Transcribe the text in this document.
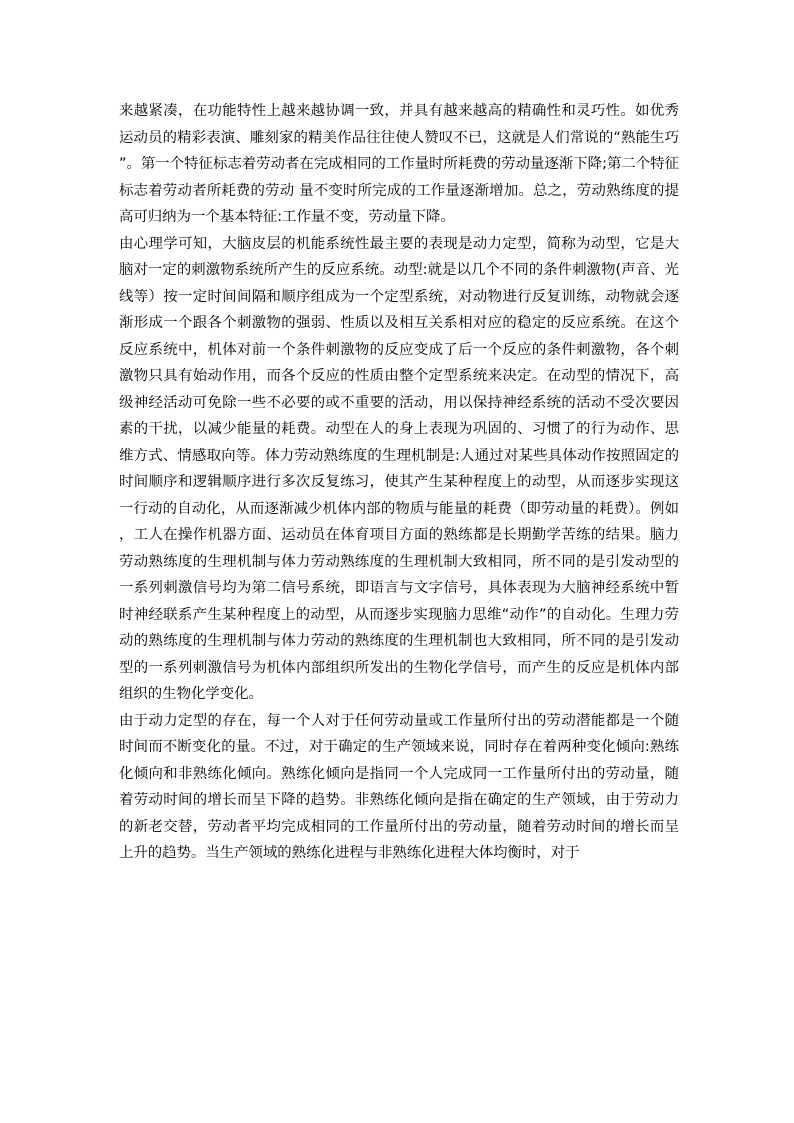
来越紧凑，在功能特性上越来越协调一致，并具有越来越高的精确性和灵巧性。如优秀运动员的精彩表演、雕刻家的精美作品往往使人赞叹不已，这就是人们常说的“熟能生巧”。第一个特征标志着劳动者在完成相同的工作量时所耗费的劳动量逐渐下降;第二个特征标志着劳动者所耗费的劳动 量不变时所完成的工作量逐渐增加。总之，劳动熟练度的提高可归纳为一个基本特征:工作量不变，劳动量下降。

由心理学可知，大脑皮层的机能系统性最主要的表现是动力定型，简称为动型，它是大脑对一定的刺激物系统所产生的反应系统。动型:就是以几个不同的条件刺激物(声音、光线等）按一定时间间隔和顺序组成为一个定型系统，对动物进行反复训练，动物就会逐渐形成一个跟各个刺激物的强弱、性质以及相互关系相对应的稳定的反应系统。在这个反应系统中，机体对前一个条件刺激物的反应变成了后一个反应的条件刺激物，各个刺激物只具有始动作用，而各个反应的性质由整个定型系统来决定。在动型的情况下，高级神经活动可免除一些不必要的或不重要的活动，用以保持神经系统的活动不受次要因素的干扰，以减少能量的耗费。动型在人的身上表现为巩固的、习惯了的行为动作、思维方式、情感取向等。体力劳动熟练度的生理机制是:人通过对某些具体动作按照固定的时间顺序和逻辑顺序进行多次反复练习，使其产生某种程度上的动型，从而逐步实现这一行动的自动化，从而逐渐减少机体内部的物质与能量的耗费（即劳动量的耗费）。例如，工人在操作机器方面、运动员在体育项目方面的熟练都是长期勤学苦练的结果。脑力劳动熟练度的生理机制与体力劳动熟练度的生理机制大致相同，所不同的是引发动型的一系列刺激信号均为第二信号系统，即语言与文字信号，具体表现为大脑神经系统中暂时神经联系产生某种程度上的动型，从而逐步实现脑力思维“动作”的自动化。生理力劳动的熟练度的生理机制与体力劳动的熟练度的生理机制也大致相同，所不同的是引发动型的一系列刺激信号为机体内部组织所发出的生物化学信号，而产生的反应是机体内部组织的生物化学变化。

由于动力定型的存在，每一个人对于任何劳动量或工作量所付出的劳动潜能都是一个随时间而不断变化的量。不过，对于确定的生产领域来说，同时存在着两种变化倾向:熟练化倾向和非熟练化倾向。熟练化倾向是指同一个人完成同一工作量所付出的劳动量，随着劳动时间的增长而呈下降的趋势。非熟练化倾向是指在确定的生产领域，由于劳动力的新老交替，劳动者平均完成相同的工作量所付出的劳动量，随着劳动时间的增长而呈上升的趋势。当生产领域的熟练化进程与非熟练化进程大体均衡时，对于
